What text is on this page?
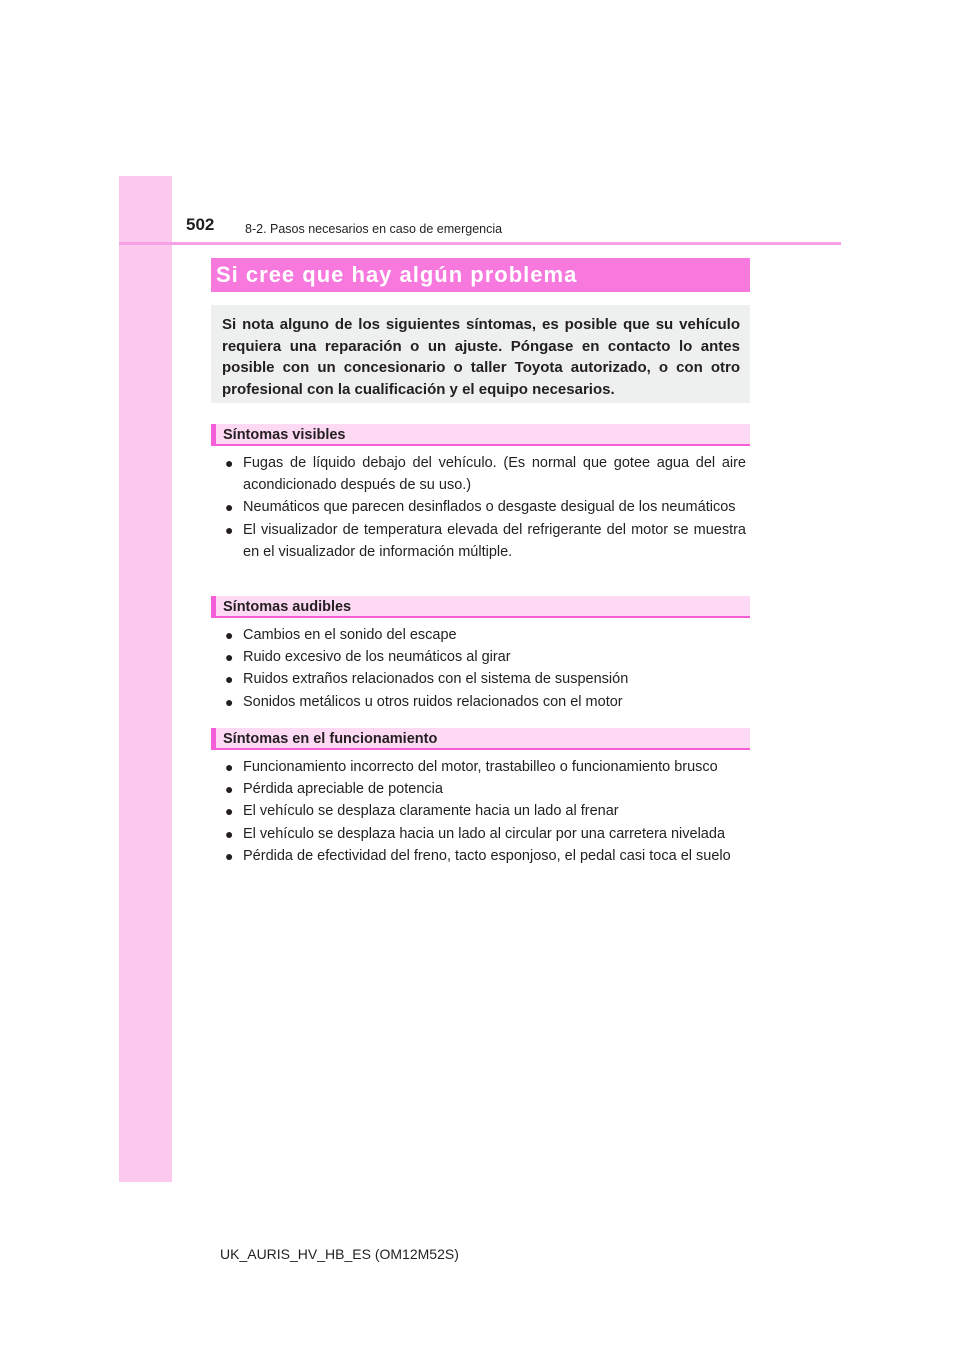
502 8-2. Pasos necesarios en caso de emergencia
Si cree que hay algún problema

Si nota alguno de los siguientes síntomas, es posible que su vehículo requiera una reparación o un ajuste. Póngase en contacto lo antes posible con un concesionario o taller Toyota autorizado, o con otro profesional con la cualificación y el equipo necesarios.

Síntomas visibles
● Fugas de líquido debajo del vehículo. (Es normal que gotee agua del aire acondicionado después de su uso.)
● Neumáticos que parecen desinflados o desgaste desigual de los neumáticos
● El visualizador de temperatura elevada del refrigerante del motor se muestra en el visualizador de información múltiple.
Síntomas audibles
● Cambios en el sonido del escape
● Ruido excesivo de los neumáticos al girar
● Ruidos extraños relacionados con el sistema de suspensión
● Sonidos metálicos u otros ruidos relacionados con el motor
Síntomas en el funcionamiento
● Funcionamiento incorrecto del motor, trastabilleo o funcionamiento brusco
● Pérdida apreciable de potencia
● El vehículo se desplaza claramente hacia un lado al frenar
● El vehículo se desplaza hacia un lado al circular por una carretera nivelada
● Pérdida de efectividad del freno, tacto esponjoso, el pedal casi toca el suelo
UK_AURIS_HV_HB_ES (OM12M52S)
